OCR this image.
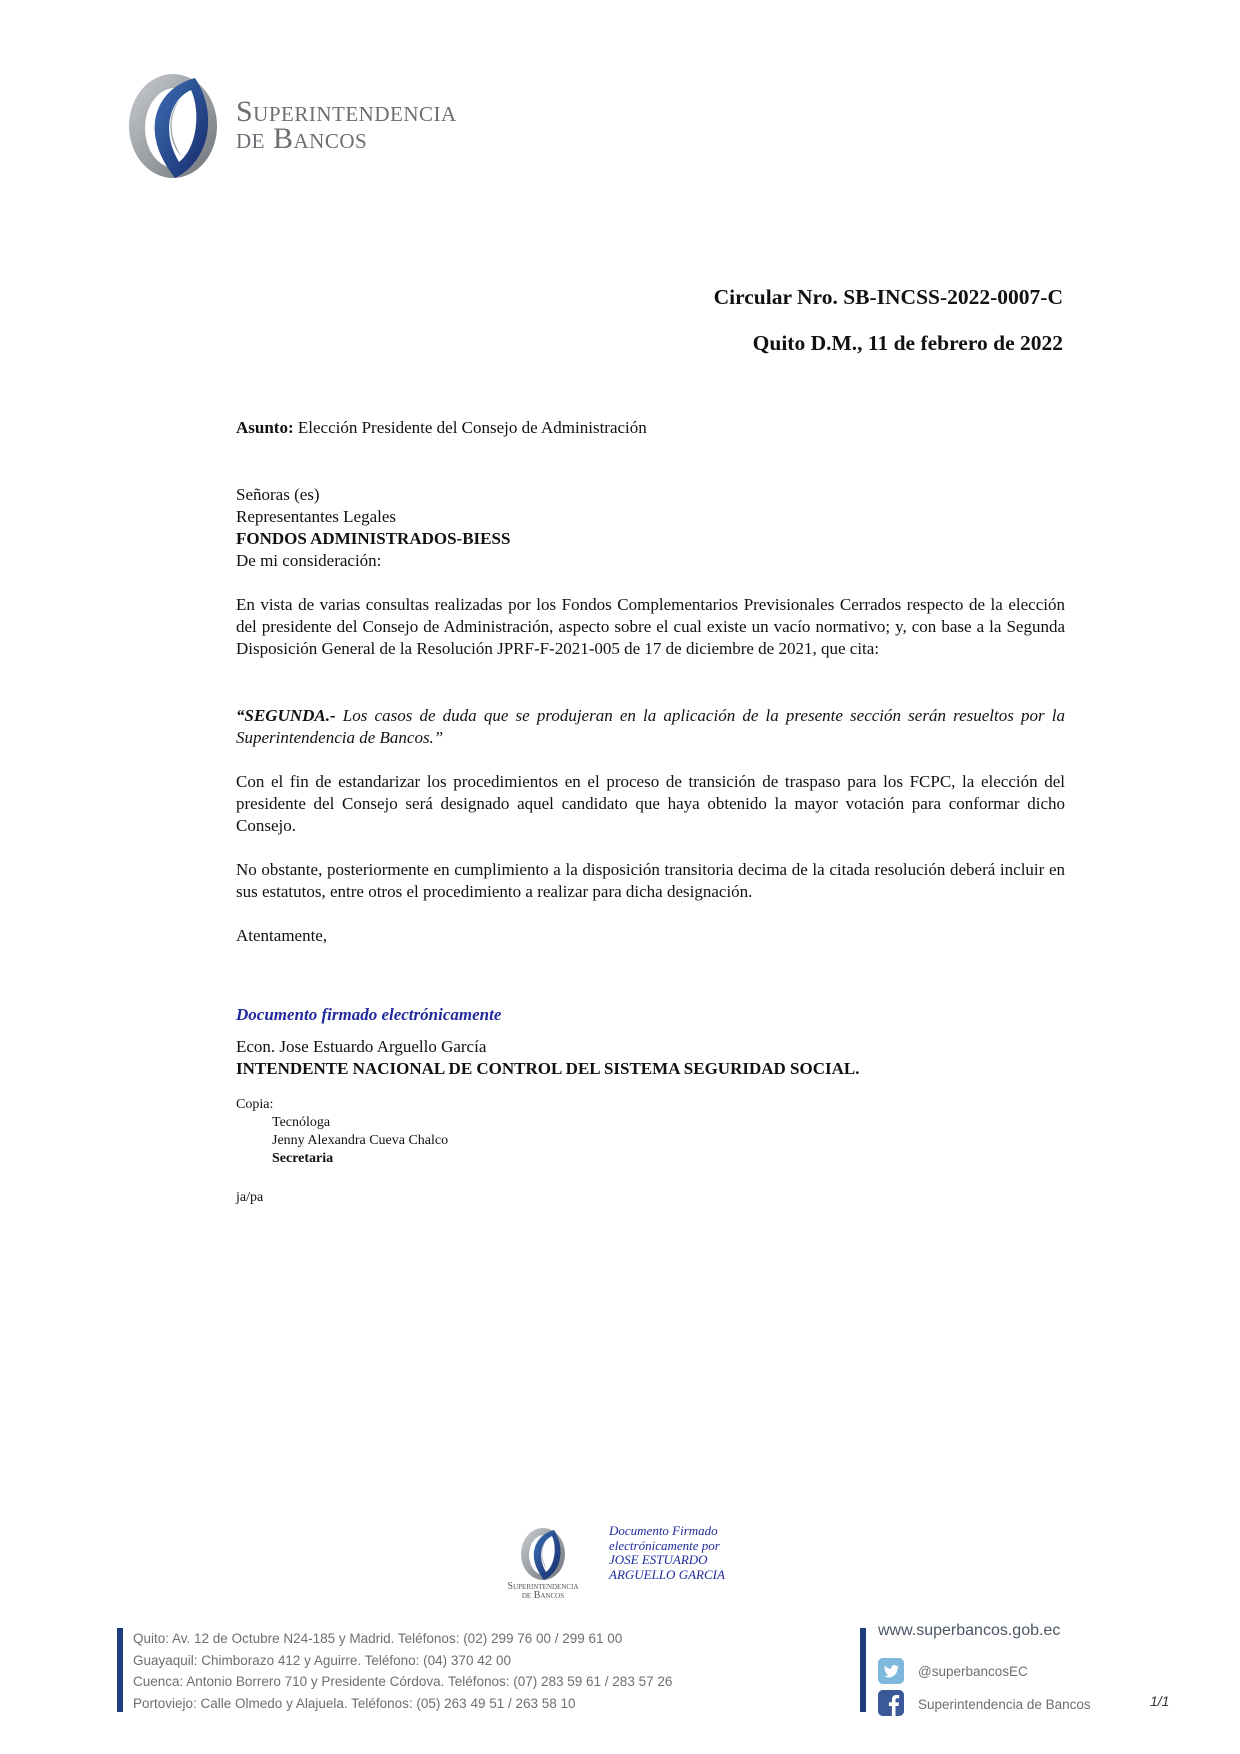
Superintendencia
de Bancos
Circular Nro. SB-INCSS-2022-0007-C
Quito D.M., 11 de febrero de 2022
Asunto: Elección Presidente del Consejo de Administración
Señoras (es)
Representantes Legales
FONDOS ADMINISTRADOS-BIESS
De mi consideración:
En vista de varias consultas realizadas por los Fondos Complementarios Previsionales Cerrados respecto de la elección del presidente del Consejo de Administración, aspecto sobre el cual existe un vacío normativo; y, con base a la Segunda Disposición General de la Resolución JPRF-F-2021-005 de 17 de diciembre de 2021, que cita:
“SEGUNDA.- Los casos de duda que se produjeran en la aplicación de la presente sección serán resueltos por la Superintendencia de Bancos.”
Con el fin de estandarizar los procedimientos en el proceso de transición de traspaso para los FCPC, la elección del presidente del Consejo será designado aquel candidato que haya obtenido la mayor votación para conformar dicho Consejo.
No obstante, posteriormente en cumplimiento a la disposición transitoria decima de la citada resolución deberá incluir en sus estatutos, entre otros el procedimiento a realizar para dicha designación.
Atentamente,
Documento firmado electrónicamente
Econ. Jose Estuardo Arguello García
INTENDENTE NACIONAL DE CONTROL DEL SISTEMA SEGURIDAD SOCIAL.
Copia:
Tecnóloga
Jenny Alexandra Cueva Chalco
Secretaria
ja/pa
Superintendencia
de Bancos
Documento Firmado
electrónicamente por
JOSE ESTUARDO
ARGUELLO GARCIA
Quito: Av. 12 de Octubre N24-185 y Madrid. Teléfonos: (02) 299 76 00 / 299 61 00
Guayaquil: Chimborazo 412 y Aguirre. Teléfono: (04) 370 42 00
Cuenca: Antonio Borrero 710 y Presidente Córdova. Teléfonos: (07) 283 59 61 / 283 57 26
Portoviejo: Calle Olmedo y Alajuela. Teléfonos: (05) 263 49 51 / 263 58 10
www.superbancos.gob.ec
@superbancosEC
Superintendencia de Bancos	1/1
